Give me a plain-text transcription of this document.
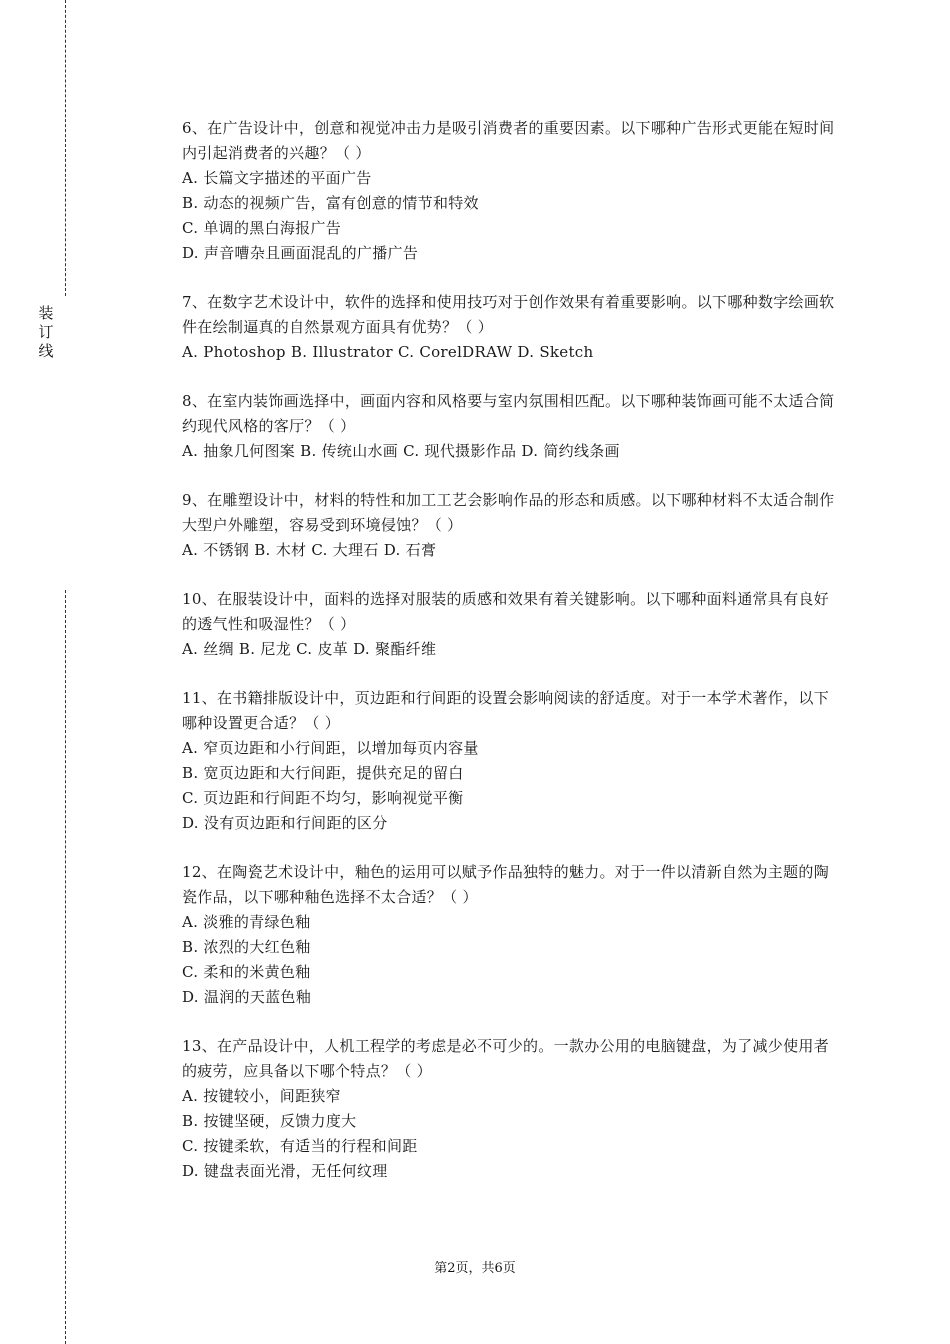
装订线

6、在广告设计中，创意和视觉冲击力是吸引消费者的重要因素。以下哪种广告形式更能在短时间内引起消费者的兴趣？（ ）

A. 长篇文字描述的平面广告

B. 动态的视频广告，富有创意的情节和特效

C. 单调的黑白海报广告

D. 声音嘈杂且画面混乱的广播广告

7、在数字艺术设计中，软件的选择和使用技巧对于创作效果有着重要影响。以下哪种数字绘画软件在绘制逼真的自然景观方面具有优势？（ ）

A. Photoshop B. Illustrator C. CorelDRAW D. Sketch

8、在室内装饰画选择中，画面内容和风格要与室内氛围相匹配。以下哪种装饰画可能不太适合简约现代风格的客厅？（ ）

A. 抽象几何图案 B. 传统山水画 C. 现代摄影作品 D. 简约线条画

9、在雕塑设计中，材料的特性和加工工艺会影响作品的形态和质感。以下哪种材料不太适合制作大型户外雕塑，容易受到环境侵蚀？（ ）

A. 不锈钢 B. 木材 C. 大理石 D. 石膏

10、在服装设计中，面料的选择对服装的质感和效果有着关键影响。以下哪种面料通常具有良好的透气性和吸湿性？（ ）

A. 丝绸 B. 尼龙 C. 皮革 D. 聚酯纤维

11、在书籍排版设计中，页边距和行间距的设置会影响阅读的舒适度。对于一本学术著作，以下哪种设置更合适？（ ）

A. 窄页边距和小行间距，以增加每页内容量

B. 宽页边距和大行间距，提供充足的留白

C. 页边距和行间距不均匀，影响视觉平衡

D. 没有页边距和行间距的区分

12、在陶瓷艺术设计中，釉色的运用可以赋予作品独特的魅力。对于一件以清新自然为主题的陶瓷作品，以下哪种釉色选择不太合适？（ ）

A. 淡雅的青绿色釉

B. 浓烈的大红色釉

C. 柔和的米黄色釉

D. 温润的天蓝色釉

13、在产品设计中，人机工程学的考虑是必不可少的。一款办公用的电脑键盘，为了减少使用者的疲劳，应具备以下哪个特点？（ ）

A. 按键较小，间距狭窄

B. 按键坚硬，反馈力度大

C. 按键柔软，有适当的行程和间距

D. 键盘表面光滑，无任何纹理

第2页，共6页
